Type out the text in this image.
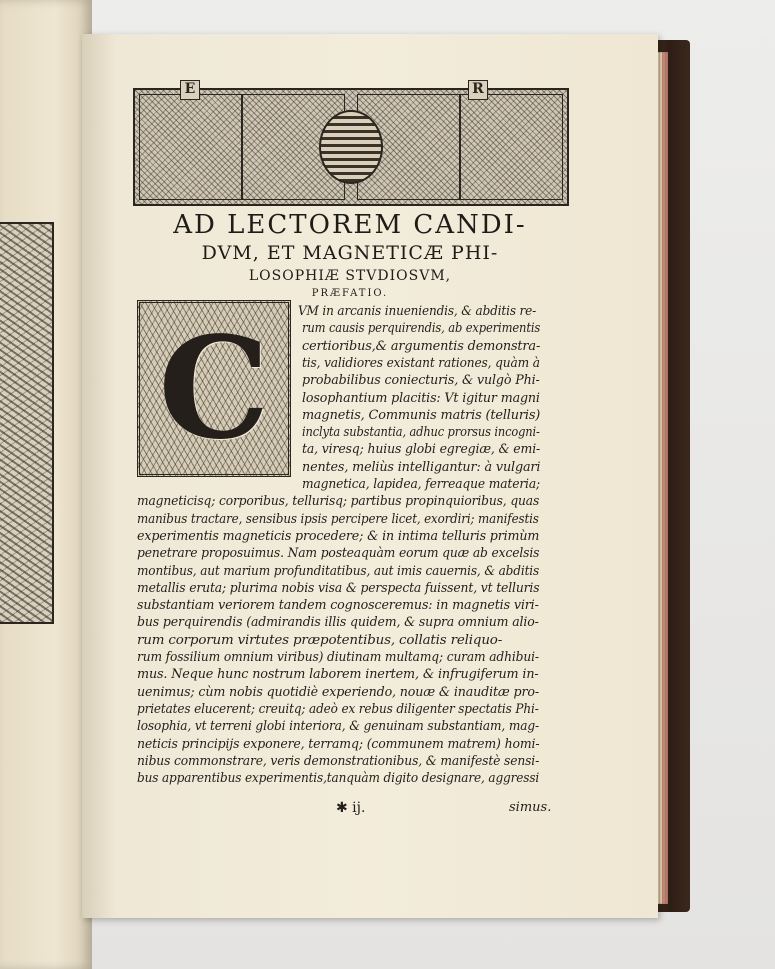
E	R
AD LECTOREM CANDI-
DVM, ET MAGNETICÆ PHI-
LOSOPHIÆ STVDIOSVM,
PRÆFATIO.
C VM in arcanis inueniendis, & abditis re-
rum causis perquirendis, ab experimentis
certioribus,& argumentis demonstra-
tis, validiores existant rationes, quàm à
probabilibus coniecturis, & vulgò Phi-
losophantium placitis: Vt igitur magni
magnetis, Communis matris (telluris)
inclyta substantia, adhuc prorsus incogni-
ta, viresq; huius globi egregiæ, & emi-
nentes, meliùs intelligantur: à vulgari
magnetica, lapidea, ferreaque materia;
magneticisq; corporibus, tellurisq; partibus propinquioribus, quas
manibus tractare, sensibus ipsis percipere licet, exordiri; manifestis
experimentis magneticis procedere; & in intima telluris primùm
penetrare proposuimus. Nam posteaquàm eorum quæ ab excelsis
montibus, aut marium profunditatibus, aut imis cauernis, & abditis
metallis eruta; plurima nobis visa & perspecta fuissent, vt telluris
substantiam veriorem tandem cognosceremus: in magnetis viri-
bus perquirendis (admirandis illis quidem, & supra omnium alio-
rum corporum virtutes præpotentibus, collatis reliquo-
rum fossilium omnium viribus) diutinam multamq; curam adhibui-
mus. Neque hunc nostrum laborem inertem, & infrugiferum in-
uenimus; cùm nobis quotidiè experiendo, nouæ & inauditæ pro-
prietates elucerent; creuitq; adeò ex rebus diligenter spectatis Phi-
losophia, vt terreni globi interiora, & genuinam substantiam, mag-
neticis principijs exponere, terramq; (communem matrem) homi-
nibus commonstrare, veris demonstrationibus, & manifestè sensi-
bus apparentibus experimentis,tanquàm digito designare, aggressi
✱ ij.	simus.
